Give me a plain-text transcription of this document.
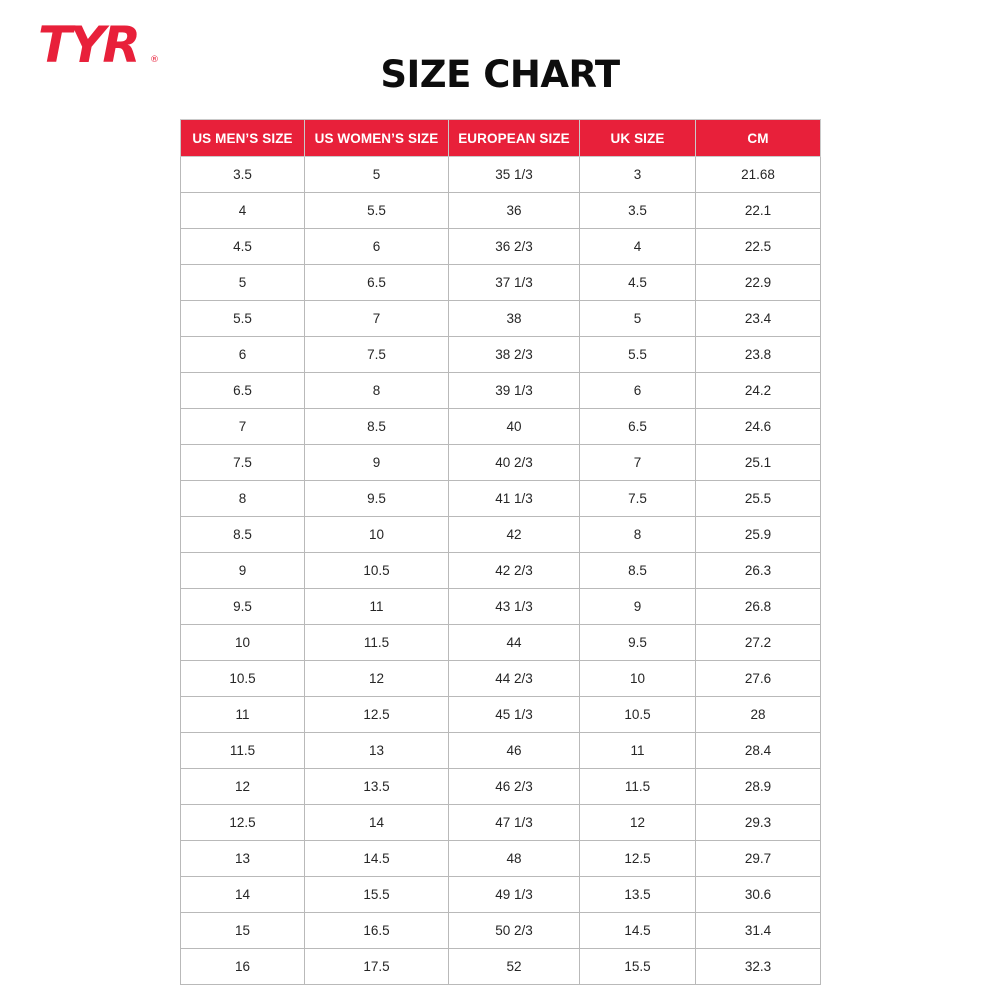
TYR ®	SIZE CHART
US MEN’S SIZE	US WOMEN’S SIZE	EUROPEAN SIZE	UK SIZE	CM
3.5	5	35 1/3	3	21.68
4	5.5	36	3.5	22.1
4.5	6	36 2/3	4	22.5
5	6.5	37 1/3	4.5	22.9
5.5	7	38	5	23.4
6	7.5	38 2/3	5.5	23.8
6.5	8	39 1/3	6	24.2
7	8.5	40	6.5	24.6
7.5	9	40 2/3	7	25.1
8	9.5	41 1/3	7.5	25.5
8.5	10	42	8	25.9
9	10.5	42 2/3	8.5	26.3
9.5	11	43 1/3	9	26.8
10	11.5	44	9.5	27.2
10.5	12	44 2/3	10	27.6
11	12.5	45 1/3	10.5	28
11.5	13	46	11	28.4
12	13.5	46 2/3	11.5	28.9
12.5	14	47 1/3	12	29.3
13	14.5	48	12.5	29.7
14	15.5	49 1/3	13.5	30.6
15	16.5	50 2/3	14.5	31.4
16	17.5	52	15.5	32.3
